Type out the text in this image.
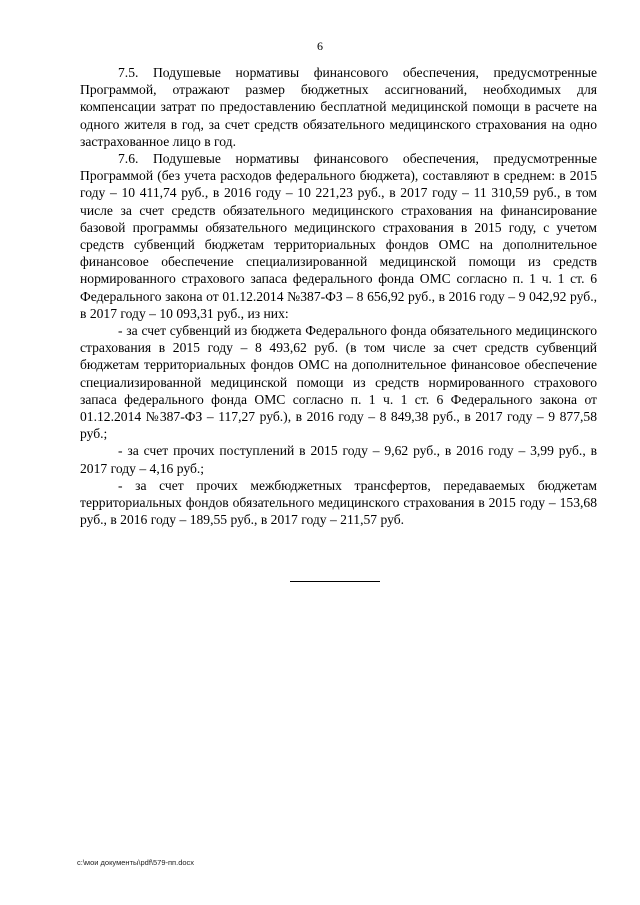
6

7.5. Подушевые нормативы финансового обеспечения, предусмотренные Программой, отражают размер бюджетных ассигнований, необходимых для компенсации затрат по предоставлению бесплатной медицинской помощи в расчете на одного жителя в год, за счет средств обязательного медицинского страхования на одно застрахованное лицо в год.

7.6. Подушевые нормативы финансового обеспечения, предусмотренные Программой (без учета расходов федерального бюджета), составляют в среднем: в 2015 году – 10 411,74 руб., в 2016 году – 10 221,23 руб., в 2017 году – 11 310,59 руб., в том числе за счет средств обязательного медицинского страхования на финансирование базовой программы обязательного медицинского страхования в 2015 году, с учетом средств субвенций бюджетам территориальных фондов ОМС на дополнительное финансовое обеспечение специализированной медицинской помощи из средств нормированного страхового запаса федерального фонда ОМС согласно п. 1 ч. 1 ст. 6 Федерального закона от 01.12.2014 №387-ФЗ – 8 656,92 руб., в 2016 году – 9 042,92 руб., в 2017 году – 10 093,31 руб., из них:

- за счет субвенций из бюджета Федерального фонда обязательного медицинского страхования в 2015 году – 8 493,62 руб. (в том числе за счет средств субвенций бюджетам территориальных фондов ОМС на дополнительное финансовое обеспечение специализированной медицинской помощи из средств нормированного страхового запаса федерального фонда ОМС согласно п. 1 ч. 1 ст. 6 Федерального закона от 01.12.2014 №387-ФЗ – 117,27 руб.), в 2016 году – 8 849,38 руб., в 2017 году – 9 877,58 руб.;

- за счет прочих поступлений в 2015 году – 9,62 руб., в 2016 году – 3,99 руб., в 2017 году – 4,16 руб.;

- за счет прочих межбюджетных трансфертов, передаваемых бюджетам территориальных фондов обязательного медицинского страхования в 2015 году – 153,68 руб., в 2016 году – 189,55 руб., в 2017 году – 211,57 руб.

c:\мои документы\pdf\579-пп.docx
